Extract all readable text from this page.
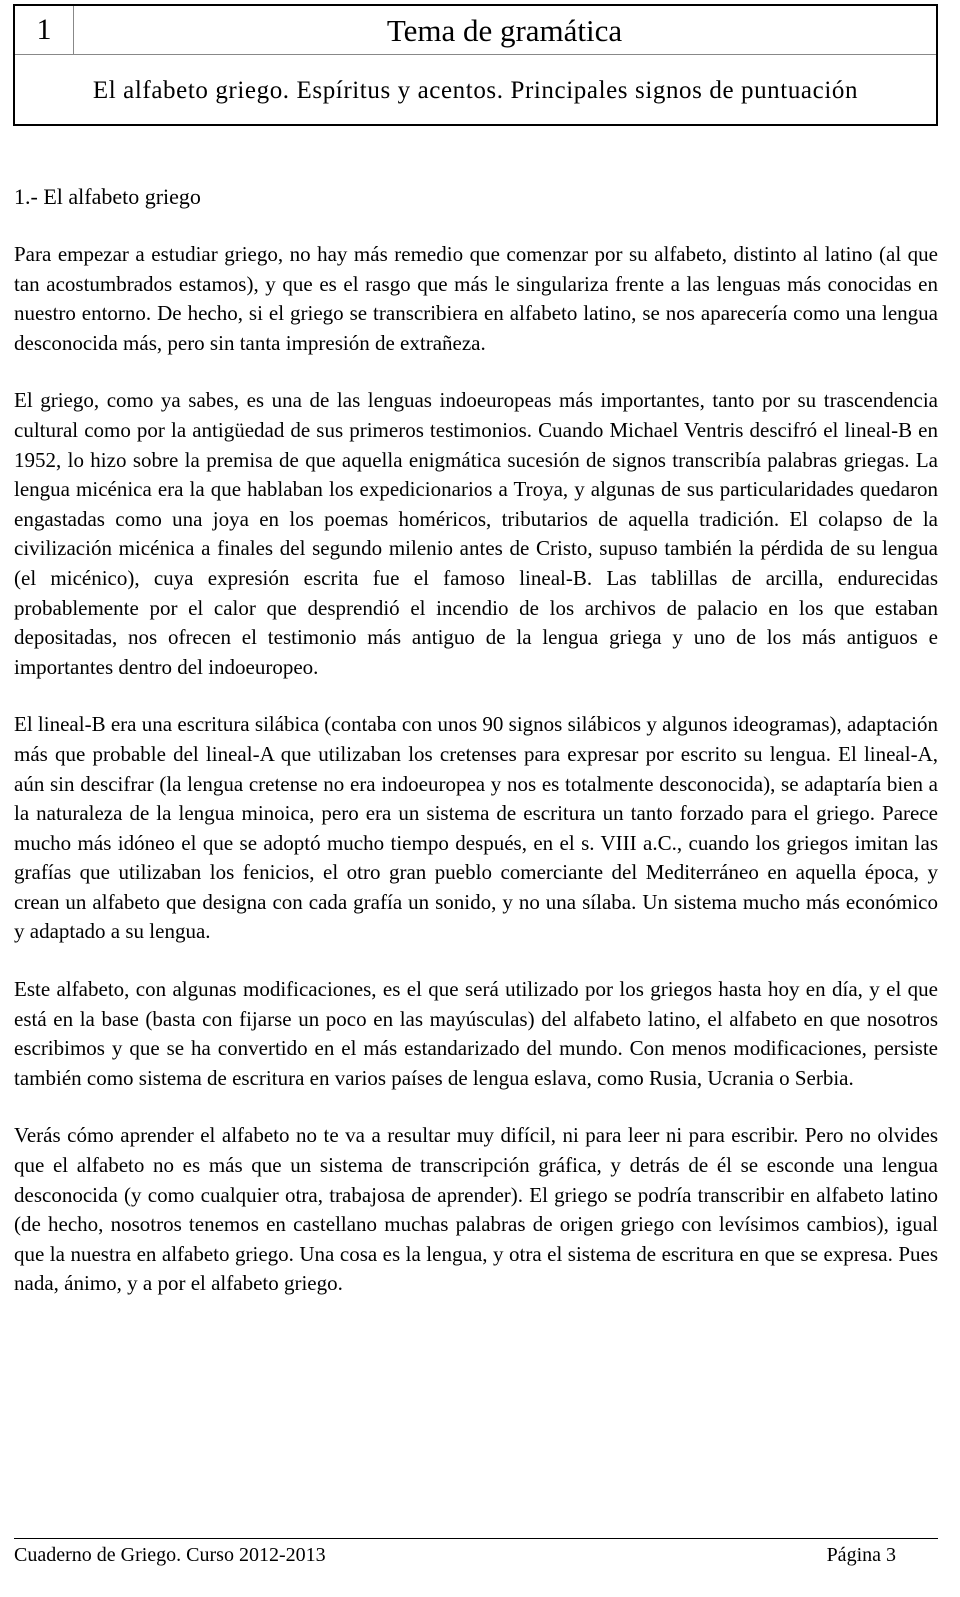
1	Tema de gramática
El alfabeto griego. Espíritus y acentos. Principales signos de puntuación
1.- El alfabeto griego

Para empezar a estudiar griego, no hay más remedio que comenzar por su alfabeto, distinto al latino (al que tan acostumbrados estamos), y que es el rasgo que más le singulariza frente a las lenguas más conocidas en nuestro entorno. De hecho, si el griego se transcribiera en alfabeto latino, se nos aparecería como una lengua desconocida más, pero sin tanta impresión de extrañeza.

El griego, como ya sabes, es una de las lenguas indoeuropeas más importantes, tanto por su trascendencia cultural como por la antigüedad de sus primeros testimonios. Cuando Michael Ventris descifró el lineal-B en 1952, lo hizo sobre la premisa de que aquella enigmática sucesión de signos transcribía palabras griegas. La lengua micénica era la que hablaban los expedicionarios a Troya, y algunas de sus particularidades quedaron engastadas como una joya en los poemas homéricos, tributarios de aquella tradición. El colapso de la civilización micénica a finales del segundo milenio antes de Cristo, supuso también la pérdida de su lengua (el micénico), cuya expresión escrita fue el famoso lineal-B. Las tablillas de arcilla, endurecidas probablemente por el calor que desprendió el incendio de los archivos de palacio en los que estaban depositadas, nos ofrecen el testimonio más antiguo de la lengua griega y uno de los más antiguos e importantes dentro del indoeuropeo.

El lineal-B era una escritura silábica (contaba con unos 90 signos silábicos y algunos ideogramas), adaptación más que probable del lineal-A que utilizaban los cretenses para expresar por escrito su lengua. El lineal-A, aún sin descifrar (la lengua cretense no era indoeuropea y nos es totalmente desconocida), se adaptaría bien a la naturaleza de la lengua minoica, pero era un sistema de escritura un tanto forzado para el griego. Parece mucho más idóneo el que se adoptó mucho tiempo después, en el s. VIII a.C., cuando los griegos imitan las grafías que utilizaban los fenicios, el otro gran pueblo comerciante del Mediterráneo en aquella época, y crean un alfabeto que designa con cada grafía un sonido, y no una sílaba. Un sistema mucho más económico y adaptado a su lengua.

Este alfabeto, con algunas modificaciones, es el que será utilizado por los griegos hasta hoy en día, y el que está en la base (basta con fijarse un poco en las mayúsculas) del alfabeto latino, el alfabeto en que nosotros escribimos y que se ha convertido en el más estandarizado del mundo. Con menos modificaciones, persiste también como sistema de escritura en varios países de lengua eslava, como Rusia, Ucrania o Serbia.

Verás cómo aprender el alfabeto no te va a resultar muy difícil, ni para leer ni para escribir. Pero no olvides que el alfabeto no es más que un sistema de transcripción gráfica, y detrás de él se esconde una lengua desconocida (y como cualquier otra, trabajosa de aprender). El griego se podría transcribir en alfabeto latino (de hecho, nosotros tenemos en castellano muchas palabras de origen griego con levísimos cambios), igual que la nuestra en alfabeto griego. Una cosa es la lengua, y otra el sistema de escritura en que se expresa. Pues nada, ánimo, y a por el alfabeto griego.

Cuaderno de Griego. Curso 2012-2013	Página 3
